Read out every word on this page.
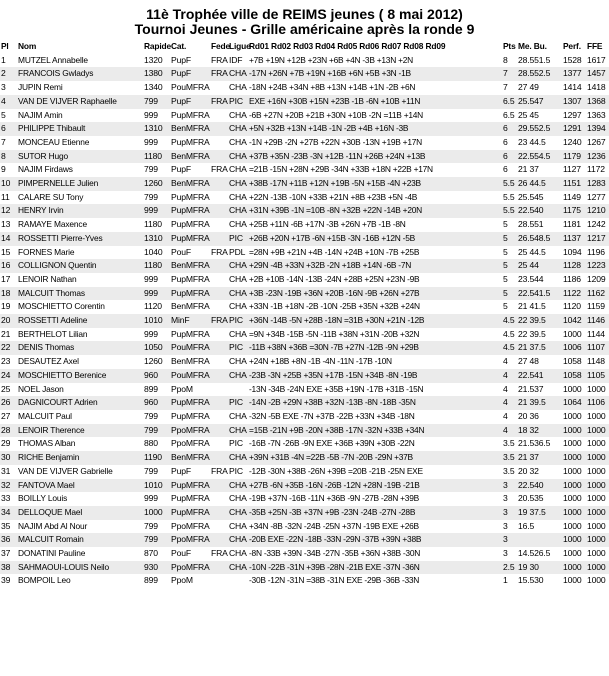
11è Trophée ville de REIMS jeunes ( 8 mai 2012)
Tournoi Jeunes - Grille américaine après la ronde 9
Pl	Nom	Rapide	Cat.	Fede	Ligue	Rd01 Rd02 Rd03 Rd04 Rd05 Rd06 Rd07 Rd08 Rd09	Pts	Me. Bu.	Perf.	FFE
1	MUTZEL Annabelle	1320	PupF	FRA	IDF	+7B +19N +12B +23N +6B +4N -3B +13N +2N	8	28.551.5	1528	1617
2	FRANCOIS Gwladys	1380	PupF	FRA	CHA	-17N +26N +7B +19N +16B +6N +5B +3N -1B	7	28.552.5	1377	1457
3	JUPIN Remi	1340	PouMFRA		CHA	-18N +24B +34N +8B +13N +14B +1N -2B +6N	7	27 49	1414	1418
4	VAN DE VIJVER Raphaelle	799	PupF	FRA	PIC	EXE +16N +30B +15N +23B -1B -6N +10B +11N	6.5	25.547	1307	1368
5	NAJIM Amin	999	PupMFRA		CHA	-6B +27N +20B +21B +30N +10B -2N =11B +14N	6.5	25 45	1297	1363
6	PHILIPPE Thibault	1310	BenMFRA		CHA	+5N +32B +13N +14B -1N -2B +4B +16N -3B	6	29.552.5	1291	1394
7	MONCEAU Etienne	999	PupMFRA		CHA	-1N +29B -2N +27B +22N +30B -13N +19B +17N	6	23 44.5	1240	1267
8	SUTOR Hugo	1180	BenMFRA		CHA	+37B +35N -23B -3N +12B -11N +26B +24N +13B	6	22.554.5	1179	1236
9	NAJIM Firdaws	799	PupF	FRA	CHA	=21B -15N +28N +29B -34N +33B +18N +22B +17N	6	21 37	1127	1172
10	PIMPERNELLE Julien	1260	BenMFRA		CHA	+38B -17N +11B +12N +19B -5N +15B -4N +23B	5.5	26 44.5	1151	1283
11	CALARE SU Tony	799	PupMFRA		CHA	+22N -13B -10N +33B +21N +8B +23B +5N -4B	5.5	25.545	1149	1277
12	HENRY Irvin	999	PupMFRA		CHA	+31N +39B -1N =10B -8N +32B +22N -14B +20N	5.5	22.540	1175	1210
13	RAMAYE Maxence	1180	PupMFRA		CHA	+25B +11N -6B +17N -3B +26N +7B -1B -8N	5	28.551	1181	1242
14	ROSSETTI Pierre-Yves	1310	PupMFRA		PIC	+26B +20N +17B -6N +15B -3N -16B +12N -5B	5	26.548.5	1137	1217
15	FORNES Marie	1040	PouF	FRA	PDL	=28N +9B +21N +4B -14N +24B +10N -7B +25B	5	25 44.5	1094	1196
16	COLLIGNON Quentin	1180	BenMFRA		CHA	+29N -4B +33N +32B -2N +18B +14N -6B -7N	5	25 44	1128	1223
17	LENOIR Nathan	999	PupMFRA		CHA	+2B +10B -14N -13B -24N +28B +25N +23N -9B	5	23.544	1186	1209
18	MALCUIT Thomas	999	PupMFRA		CHA	+3B -23N -19B +36N +20B -16N -9B +26N +27B	5	22.541.5	1122	1162
19	MOSCHIETTO Corentin	1120	BenMFRA		CHA	+33N -1B +18N -2B -10N -25B +35N +32B +24N	5	21 41.5	1120	1159
20	ROSSETTI Adeline	1010	MinF	FRA	PIC	+36N -14B -5N +28B -18N =31B +30N +21N -12B	4.5	22 39.5	1042	1146
21	BERTHELOT Lilian	999	PupMFRA		CHA	=9N +34B -15B -5N -11B +38N +31N -20B +32N	4.5	22 39.5	1000	1144
22	DENIS Thomas	1050	PouMFRA		PIC	-11B +38N +36B =30N -7B +27N -12B -9N +29B	4.5	21 37.5	1006	1107
23	DESAUTEZ Axel	1260	BenMFRA		CHA	+24N +18B +8N -1B -4N -11N -17B -10N	4	27 48	1058	1148
24	MOSCHIETTO Berenice	960	PouMFRA		CHA	-23B -3N +25B +35N +17B -15N +34B -8N -19B	4	22.541	1058	1105
25	NOEL Jason	899	PpoM			-13N -34B -24N EXE +35B +19N -17B +31B -15N	4	21.537	1000	1000
26	DAGNICOURT Adrien	960	PupMFRA		PIC	-14N -2B +29N +38B +32N -13B -8N -18B -35N	4	21 39.5	1064	1106
27	MALCUIT Paul	799	PupMFRA		CHA	-32N -5B EXE -7N +37B -22B +33N +34B -18N	4	20 36	1000	1000
28	LENOIR Therence	799	PpoMFRA		CHA	=15B -21N +9B -20N +38B -17N -32N +33B +34N	4	18 32	1000	1000
29	THOMAS Alban	880	PpoMFRA		PIC	-16B -7N -26B -9N EXE +36B +39N +30B -22N	3.5	21.536.5	1000	1000
30	RICHE Benjamin	1190	BenMFRA		CHA	+39N +31B -4N =22B -5B -7N -20B -29N +37B	3.5	21 37	1000	1000
31	VAN DE VIJVER Gabrielle	799	PupF	FRA	PIC	-12B -30N +38B -26N +39B =20B -21B -25N EXE	3.5	20 32	1000	1000
32	FANTOVA Mael	1010	PupMFRA		CHA	+27B -6N +35B -16N -26B -12N +28N -19B -21B	3	22.540	1000	1000
33	BOILLY Louis	999	PupMFRA		CHA	-19B +37N -16B -11N +36B -9N -27B -28N +39B	3	20.535	1000	1000
34	DELLOQUE Mael	1000	PupMFRA		CHA	-35B +25N -3B +37N +9B -23N -24B -27N -28B	3	19 37.5	1000	1000
35	NAJIM Abd Al Nour	799	PpoMFRA		CHA	+34N -8B -32N -24B -25N +37N -19B EXE +26B	3	16.5	1000	1000
36	MALCUIT Romain	799	PpoMFRA		CHA	-20B EXE -22N -18B -33N -29N -37B +39N +38B	3		1000	1000
37	DONATINI Pauline	870	PouF	FRA	CHA	-8N -33B +39N -34B -27N -35B +36N +38B -30N	3	14.526.5	1000	1000
38	SAHMAOUI-LOUIS Neilo	930	PpoMFRA		CHA	-10N -22B -31N +39B -28N -21B EXE -37N -36N	2.5	19 30	1000	1000
39	BOMPOIL Leo	899	PpoM			-30B -12N -31N =38B -31N EXE -29B -36B -33N	1	15.530	1000	1000
